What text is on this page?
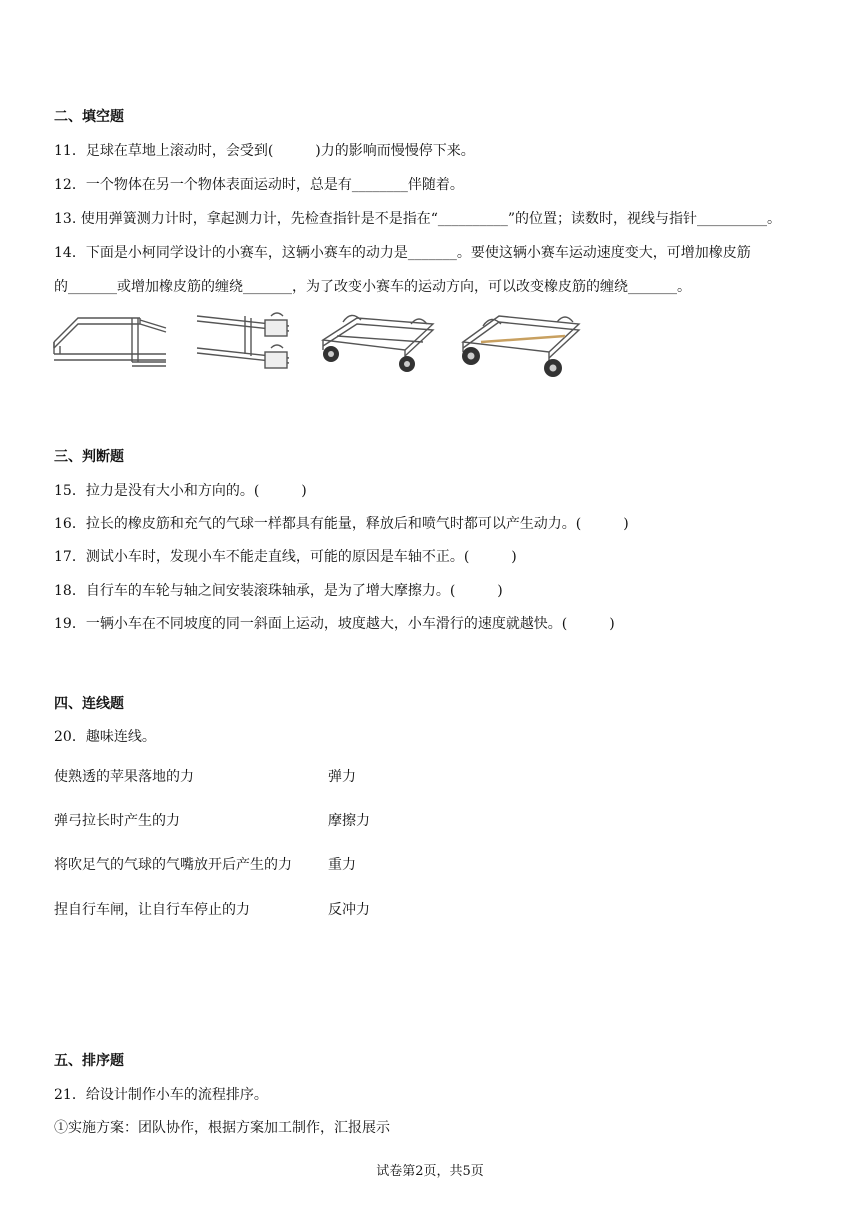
二、填空题
11．足球在草地上滚动时，会受到(　　　)力的影响而慢慢停下来。
12．一个物体在另一个物体表面运动时，总是有________伴随着。
13. 使用弹簧测力计时，拿起测力计，先检查指针是不是指在“__________”的位置；读数时，视线与指针__________。
14．下面是小柯同学设计的小赛车，这辆小赛车的动力是_______。要使这辆小赛车运动速度变大，可增加橡皮筋
的_______或增加橡皮筋的缠绕_______，为了改变小赛车的运动方向，可以改变橡皮筋的缠绕_______。
三、判断题
15．拉力是没有大小和方向的。(　　　)
16．拉长的橡皮筋和充气的气球一样都具有能量，释放后和喷气时都可以产生动力。(　　　)
17．测试小车时，发现小车不能走直线，可能的原因是车轴不正。(　　　)
18．自行车的车轮与轴之间安装滚珠轴承，是为了增大摩擦力。(　　　)
19．一辆小车在不同坡度的同一斜面上运动，坡度越大，小车滑行的速度就越快。(　　　)
四、连线题
20．趣味连线。
使熟透的苹果落地的力	弹力
弹弓拉长时产生的力	摩擦力
将吹足气的气球的气嘴放开后产生的力	重力
捏自行车闸，让自行车停止的力	反冲力
五、排序题
21．给设计制作小车的流程排序。
①实施方案：团队协作，根据方案加工制作，汇报展示
试卷第2页，共5页
